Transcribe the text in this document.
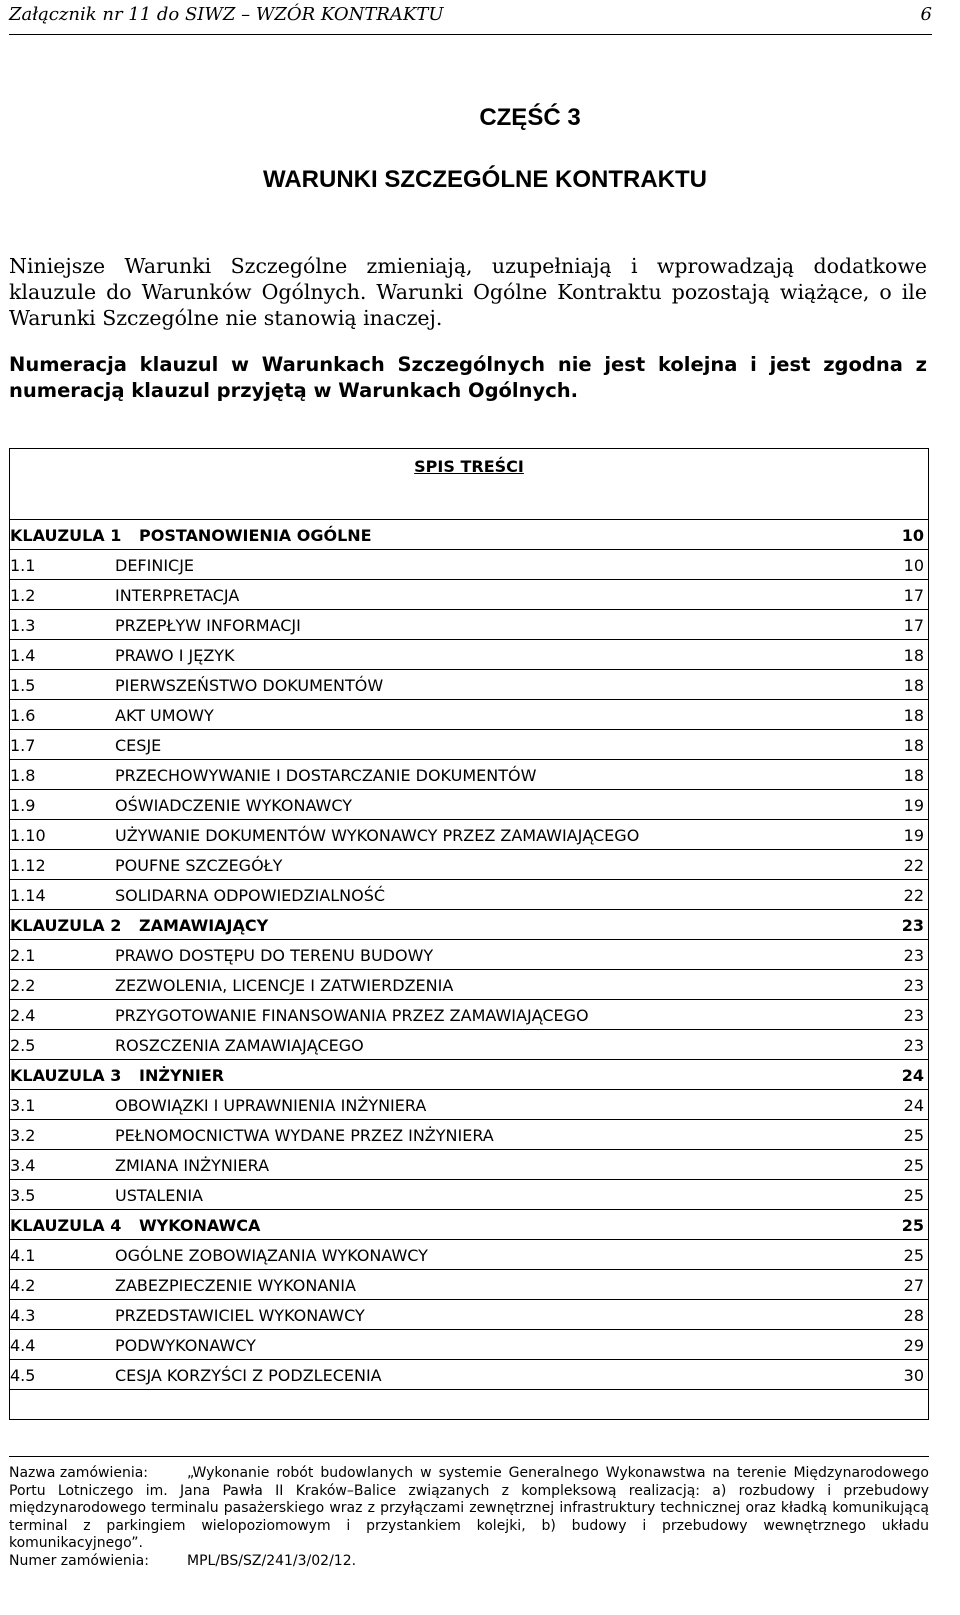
Załącznik nr 11 do SIWZ – WZÓR KONTRAKTU	6
CZĘŚĆ 3
WARUNKI SZCZEGÓLNE KONTRAKTU

Niniejsze Warunki Szczególne zmieniają, uzupełniają i wprowadzają dodatkowe klauzule do Warunków Ogólnych. Warunki Ogólne Kontraktu pozostają wiążące, o ile Warunki Szczególne nie stanowią inaczej.

Numeracja klauzul w Warunkach Szczególnych nie jest kolejna i jest zgodna z numeracją klauzul przyjętą w Warunkach Ogólnych.

SPIS TREŚCI
KLAUZULA 1 POSTANOWIENIA OGÓLNE	10
1.1	DEFINICJE	10
1.2	INTERPRETACJA	17
1.3	PRZEPŁYW INFORMACJI	17
1.4	PRAWO I JĘZYK	18
1.5	PIERWSZEŃSTWO DOKUMENTÓW	18
1.6	AKT UMOWY	18
1.7	CESJE	18
1.8	PRZECHOWYWANIE I DOSTARCZANIE DOKUMENTÓW	18
1.9	OŚWIADCZENIE WYKONAWCY	19
1.10	UŻYWANIE DOKUMENTÓW WYKONAWCY PRZEZ ZAMAWIAJĄCEGO	19
1.12	POUFNE SZCZEGÓŁY	22
1.14	SOLIDARNA ODPOWIEDZIALNOŚĆ	22
KLAUZULA 2 ZAMAWIAJĄCY	23
2.1	PRAWO DOSTĘPU DO TERENU BUDOWY	23
2.2	ZEZWOLENIA, LICENCJE I ZATWIERDZENIA	23
2.4	PRZYGOTOWANIE FINANSOWANIA PRZEZ ZAMAWIAJĄCEGO	23
2.5	ROSZCZENIA ZAMAWIAJĄCEGO	23
KLAUZULA 3 INŻYNIER	24
3.1	OBOWIĄZKI I UPRAWNIENIA INŻYNIERA	24
3.2	PEŁNOMOCNICTWA WYDANE PRZEZ INŻYNIERA	25
3.4	ZMIANA INŻYNIERA	25
3.5	USTALENIA	25
KLAUZULA 4 WYKONAWCA	25
4.1	OGÓLNE ZOBOWIĄZANIA WYKONAWCY	25
4.2	ZABEZPIECZENIE WYKONANIA	27
4.3	PRZEDSTAWICIEL WYKONAWCY	28
4.4	PODWYKONAWCY	29
4.5	CESJA KORZYŚCI Z PODZLECENIA	30
Nazwa zamówienia:	„Wykonanie robót budowlanych w systemie Generalnego Wykonawstwa na terenie Międzynarodowego Portu Lotniczego im. Jana Pawła II Kraków–Balice związanych z kompleksową realizacją: a) rozbudowy i przebudowy międzynarodowego terminalu pasażerskiego wraz z przyłączami zewnętrznej infrastruktury technicznej oraz kładką komunikującą terminal z parkingiem wielopoziomowym i przystankiem kolejki, b) budowy i przebudowy wewnętrznego układu komunikacyjnego”.
Numer zamówienia:	MPL/BS/SZ/241/3/02/12.
